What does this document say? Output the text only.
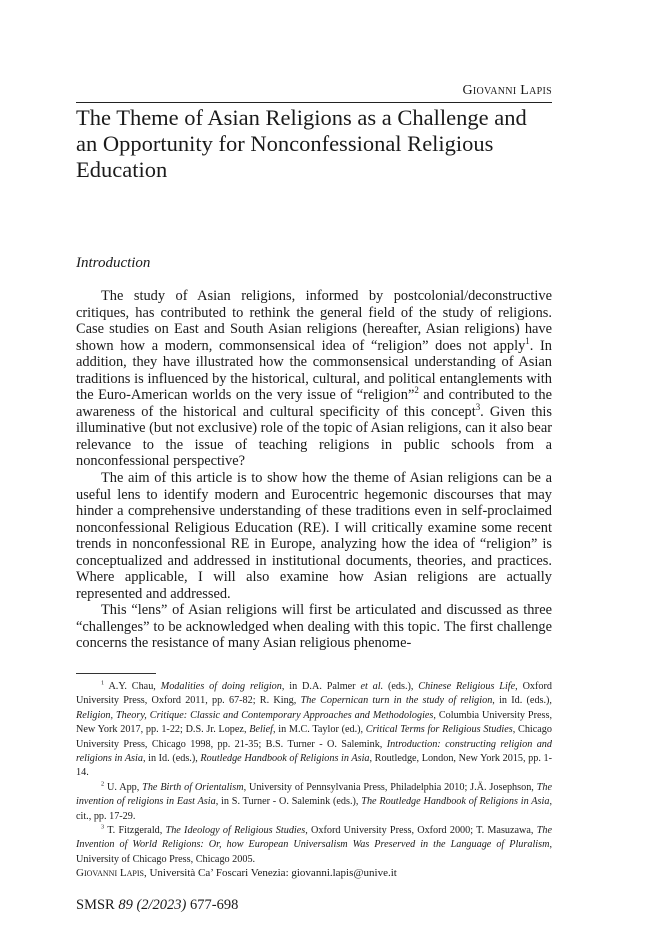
Giovanni Lapis
The Theme of Asian Religions as a Challenge and an Opportunity for Nonconfessional Religious Education
Introduction

The study of Asian religions, informed by postcolonial/deconstructive critiques, has contributed to rethink the general field of the study of religions. Case studies on East and South Asian religions (hereafter, Asian religions) have shown how a modern, commonsensical idea of “religion” does not apply$^1$. In addition, they have illustrated how the commonsensical understanding of Asian traditions is influenced by the historical, cultural, and political entanglements with the Euro-American worlds on the very issue of “religion”$^2$ and contributed to the awareness of the historical and cultural specificity of this concept$^3$. Given this illuminative (but not exclusive) role of the topic of Asian religions, can it also bear relevance to the issue of teaching religions in public schools from a nonconfessional perspective?

The aim of this article is to show how the theme of Asian religions can be a useful lens to identify modern and Eurocentric hegemonic discourses that may hinder a comprehensive understanding of these traditions even in self-proclaimed nonconfessional Religious Education (RE). I will critically examine some recent trends in nonconfessional RE in Europe, analyzing how the idea of “religion” is conceptualized and addressed in institutional documents, theories, and practices. Where applicable, I will also examine how Asian religions are actually represented and addressed.

This “lens” of Asian religions will first be articulated and discussed as three “challenges” to be acknowledged when dealing with this topic. The first challenge concerns the resistance of many Asian religious phenome-

$^1$ A.Y. Chau, Modalities of doing religion, in D.A. Palmer et al. (eds.), Chinese Religious Life, Oxford University Press, Oxford 2011, pp. 67-82; R. King, The Copernican turn in the study of religion, in Id. (eds.), Religion, Theory, Critique: Classic and Contemporary Approaches and Methodologies, Columbia University Press, New York 2017, pp. 1-22; D.S. Jr. Lopez, Belief, in M.C. Taylor (ed.), Critical Terms for Religious Studies, Chicago University Press, Chicago 1998, pp. 21-35; B.S. Turner - O. Salemink, Introduction: constructing religion and religions in Asia, in Id. (eds.), Routledge Handbook of Religions in Asia, Routledge, London, New York 2015, pp. 1-14.

$^2$ U. App, The Birth of Orientalism, University of Pennsylvania Press, Philadelphia 2010; J.Ä. Josephson, The invention of religions in East Asia, in S. Turner - O. Salemink (eds.), The Routledge Handbook of Religions in Asia, cit., pp. 17-29.

$^3$ T. Fitzgerald, The Ideology of Religious Studies, Oxford University Press, Oxford 2000; T. Masuzawa, The Invention of World Religions: Or, how European Universalism Was Preserved in the Language of Pluralism, University of Chicago Press, Chicago 2005.

Giovanni Lapis, Università Ca’ Foscari Venezia: giovanni.lapis@unive.it
SMSR 89 (2/2023) 677-698
